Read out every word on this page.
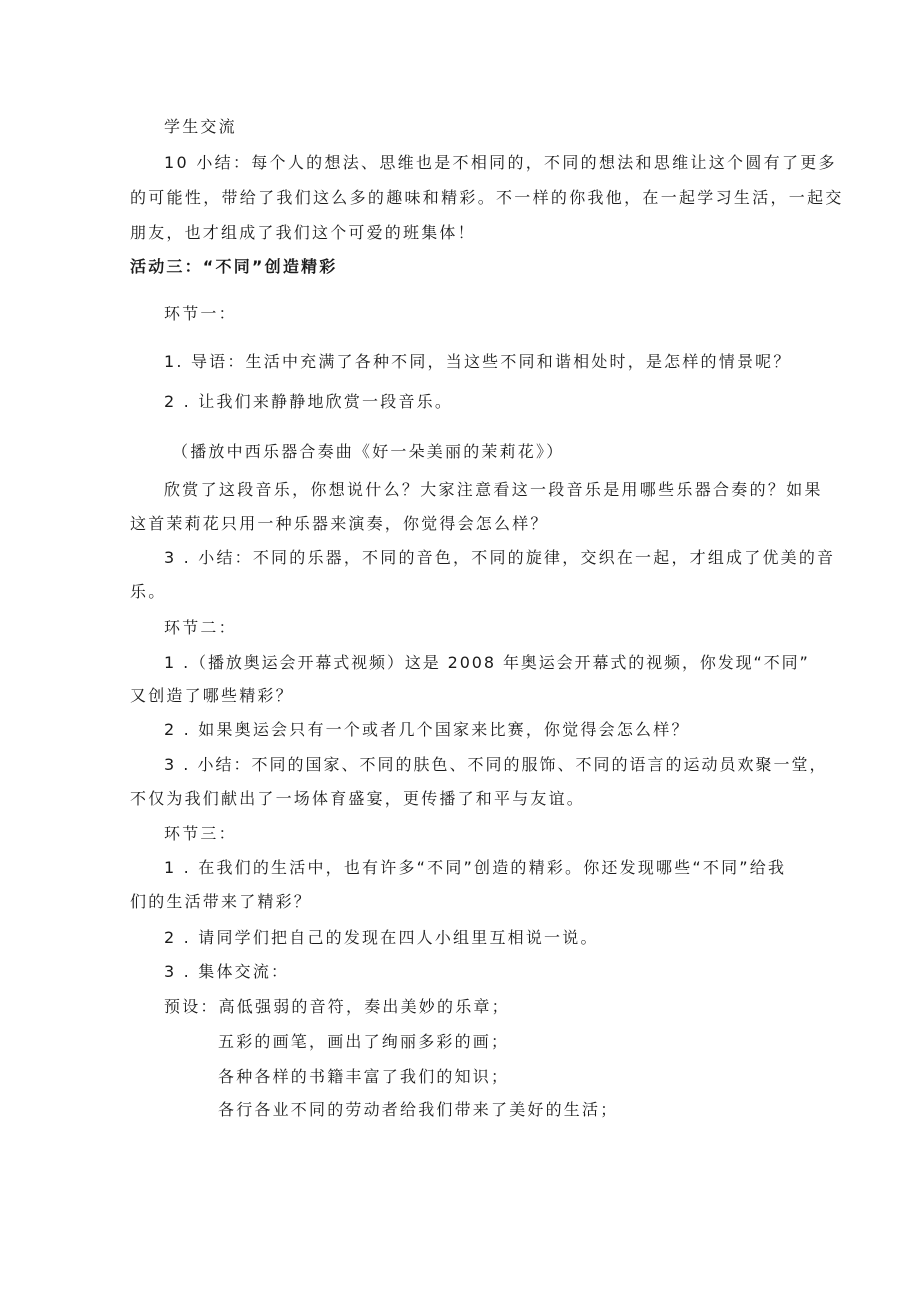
学生交流
10 小结：每个人的想法、思维也是不相同的，不同的想法和思维让这个圆有了更多
的可能性，带给了我们这么多的趣味和精彩。不一样的你我他，在一起学习生活，一起交
朋友，也才组成了我们这个可爱的班集体！
活动三：“不同”创造精彩
环节一：
1. 导语：生活中充满了各种不同，当这些不同和谐相处时，是怎样的情景呢？
2 . 让我们来静静地欣赏一段音乐。
（播放中西乐器合奏曲《好一朵美丽的茉莉花》）
欣赏了这段音乐，你想说什么？大家注意看这一段音乐是用哪些乐器合奏的？如果
这首茉莉花只用一种乐器来演奏，你觉得会怎么样？
3 . 小结：不同的乐器，不同的音色，不同的旋律，交织在一起，才组成了优美的音
乐。
环节二：
1 .（播放奥运会开幕式视频）这是 2008 年奥运会开幕式的视频，你发现“不同”
又创造了哪些精彩？
2 . 如果奥运会只有一个或者几个国家来比赛，你觉得会怎么样？
3 . 小结：不同的国家、不同的肤色、不同的服饰、不同的语言的运动员欢聚一堂，
不仅为我们献出了一场体育盛宴，更传播了和平与友谊。
环节三：
1 . 在我们的生活中，也有许多“不同”创造的精彩。你还发现哪些“不同”给我
们的生活带来了精彩？
2 . 请同学们把自己的发现在四人小组里互相说一说。
3 . 集体交流：
预设：高低强弱的音符，奏出美妙的乐章；
五彩的画笔，画出了绚丽多彩的画；
各种各样的书籍丰富了我们的知识；
各行各业不同的劳动者给我们带来了美好的生活；
